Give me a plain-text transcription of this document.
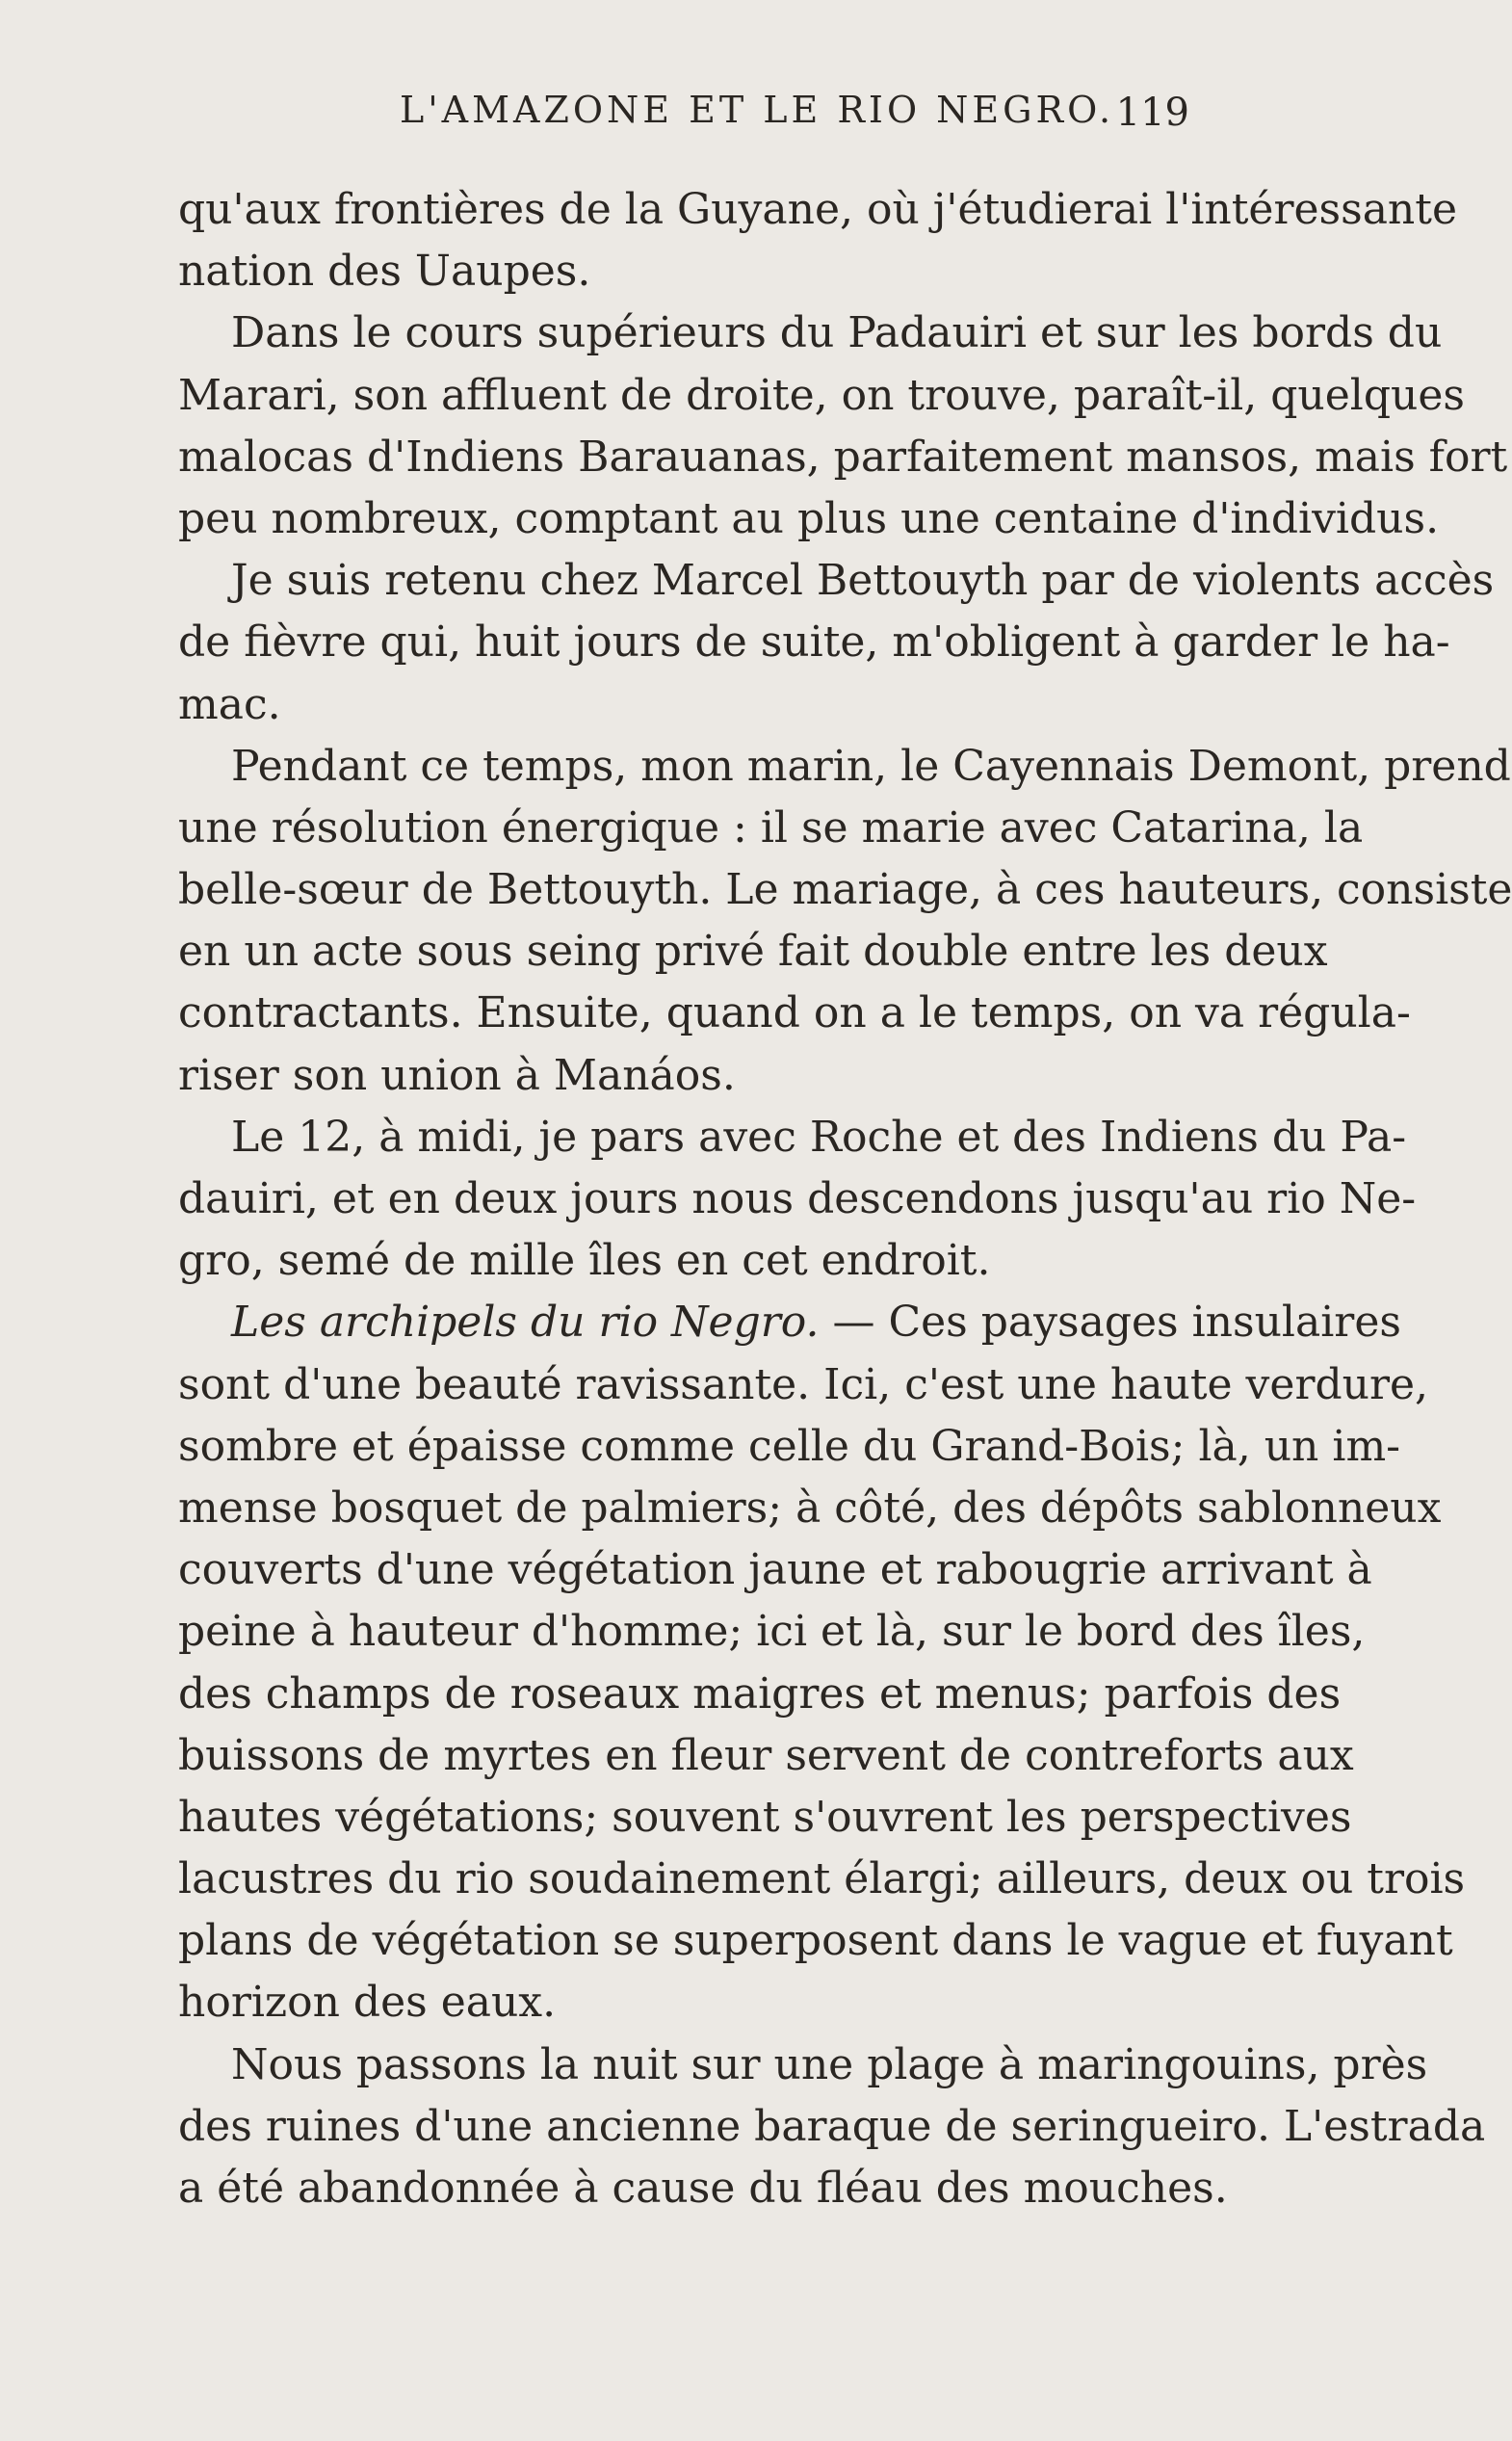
L'AMAZONE ET LE RIO NEGRO. 119
qu'aux frontières de la Guyane, où j'étudierai l'intéressante
nation des Uaupes.
Dans le cours supérieurs du Padauiri et sur les bords du
Marari, son affluent de droite, on trouve, paraît-il, quelques
malocas d'Indiens Barauanas, parfaitement mansos, mais fort
peu nombreux, comptant au plus une centaine d'individus.
Je suis retenu chez Marcel Bettouyth par de violents accès
de fièvre qui, huit jours de suite, m'obligent à garder le ha-
mac.
Pendant ce temps, mon marin, le Cayennais Demont, prend
une résolution énergique : il se marie avec Catarina, la
belle-sœur de Bettouyth. Le mariage, à ces hauteurs, consiste
en un acte sous seing privé fait double entre les deux
contractants. Ensuite, quand on a le temps, on va régula-
riser son union à Manáos.
Le 12, à midi, je pars avec Roche et des Indiens du Pa-
dauiri, et en deux jours nous descendons jusqu'au rio Ne-
gro, semé de mille îles en cet endroit.
Les archipels du rio Negro. — Ces paysages insulaires
sont d'une beauté ravissante. Ici, c'est une haute verdure,
sombre et épaisse comme celle du Grand-Bois; là, un im-
mense bosquet de palmiers; à côté, des dépôts sablonneux
couverts d'une végétation jaune et rabougrie arrivant à
peine à hauteur d'homme; ici et là, sur le bord des îles,
des champs de roseaux maigres et menus; parfois des
buissons de myrtes en fleur servent de contreforts aux
hautes végétations; souvent s'ouvrent les perspectives
lacustres du rio soudainement élargi; ailleurs, deux ou trois
plans de végétation se superposent dans le vague et fuyant
horizon des eaux.
Nous passons la nuit sur une plage à maringouins, près
des ruines d'une ancienne baraque de seringueiro. L'estrada
a été abandonnée à cause du fléau des mouches.
